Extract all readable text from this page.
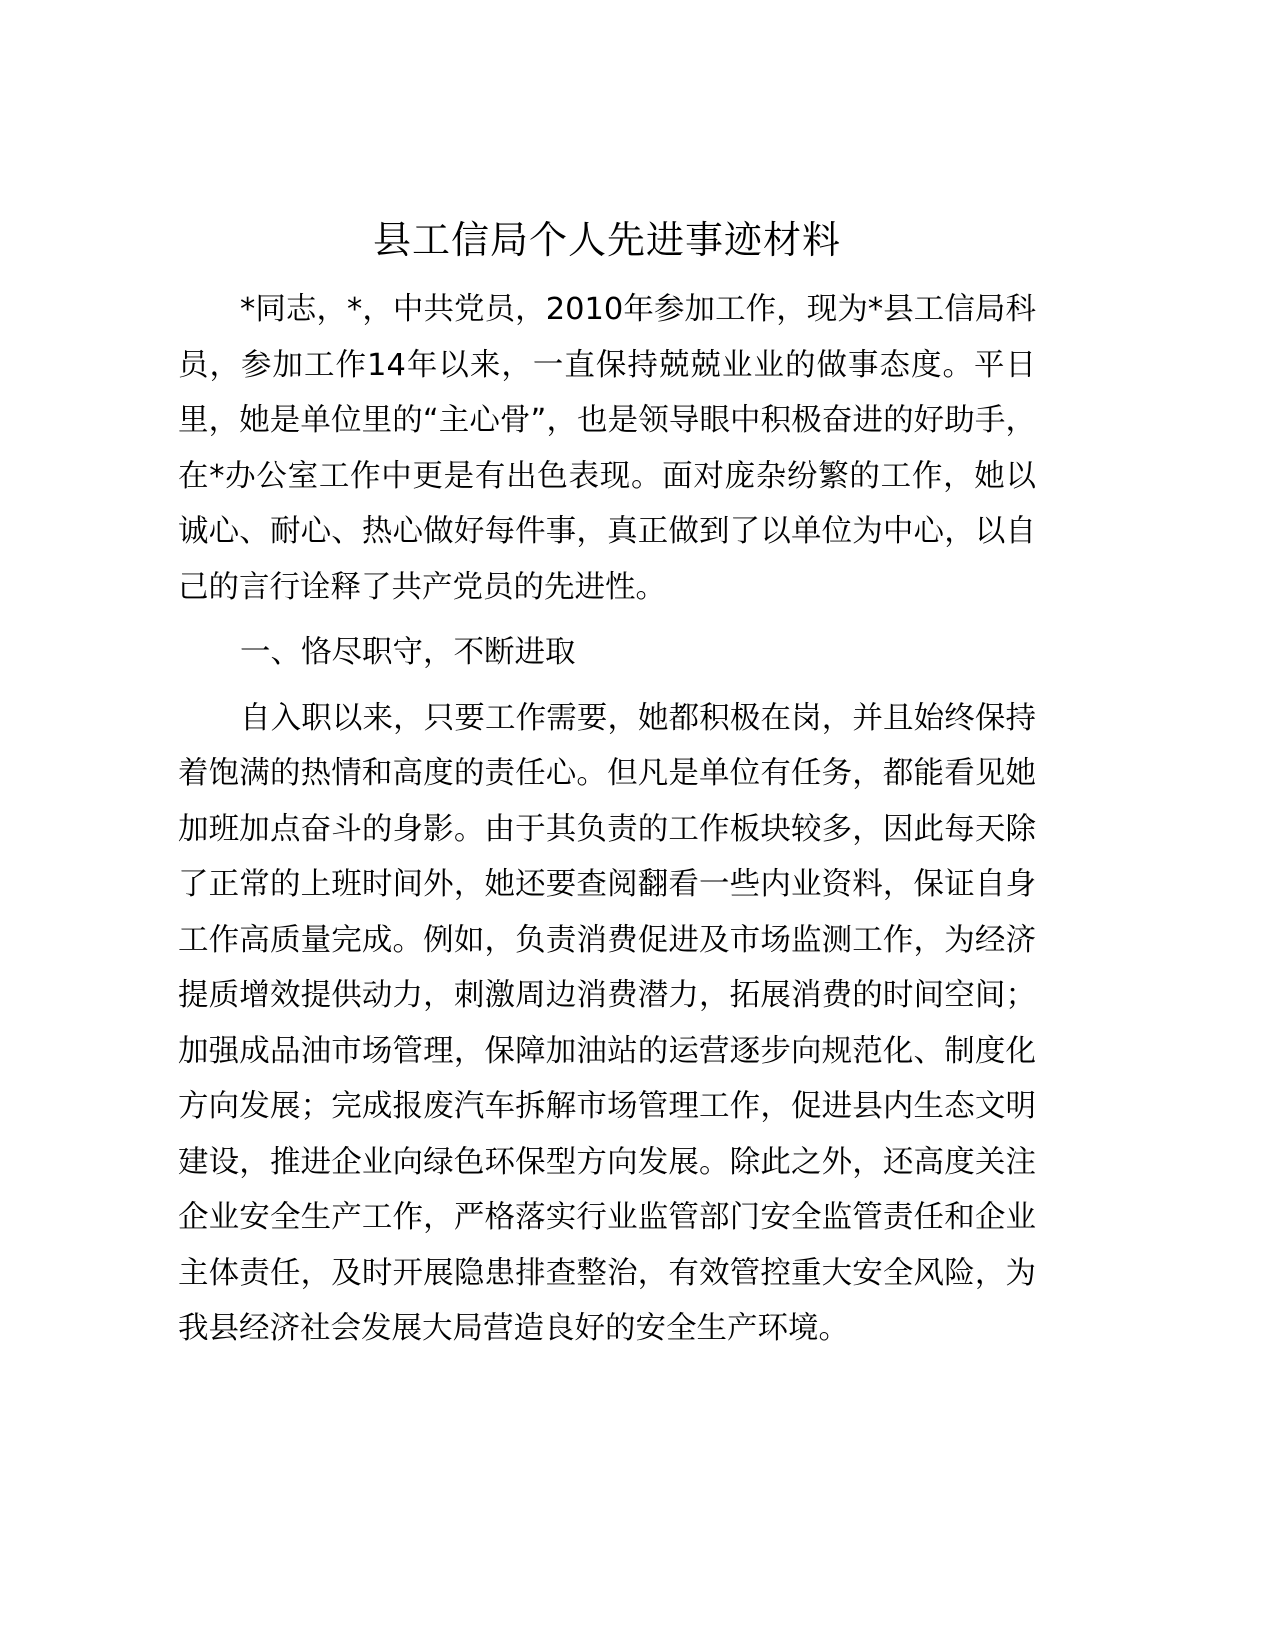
县工信局个人先进事迹材料

*同志，*，中共党员，2010年参加工作，现为*县工信局科员，参加工作14年以来，一直保持兢兢业业的做事态度。平日里，她是单位里的“主心骨”，也是领导眼中积极奋进的好助手，在*办公室工作中更是有出色表现。面对庞杂纷繁的工作，她以诚心、耐心、热心做好每件事，真正做到了以单位为中心，以自己的言行诠释了共产党员的先进性。

一、恪尽职守，不断进取

自入职以来，只要工作需要，她都积极在岗，并且始终保持着饱满的热情和高度的责任心。但凡是单位有任务，都能看见她加班加点奋斗的身影。由于其负责的工作板块较多，因此每天除了正常的上班时间外，她还要查阅翻看一些内业资料，保证自身工作高质量完成。例如，负责消费促进及市场监测工作，为经济提质增效提供动力，刺激周边消费潜力，拓展消费的时间空间；加强成品油市场管理，保障加油站的运营逐步向规范化、制度化方向发展；完成报废汽车拆解市场管理工作，促进县内生态文明建设，推进企业向绿色环保型方向发展。除此之外，还高度关注企业安全生产工作，严格落实行业监管部门安全监管责任和企业主体责任，及时开展隐患排查整治，有效管控重大安全风险，为我县经济社会发展大局营造良好的安全生产环境。
